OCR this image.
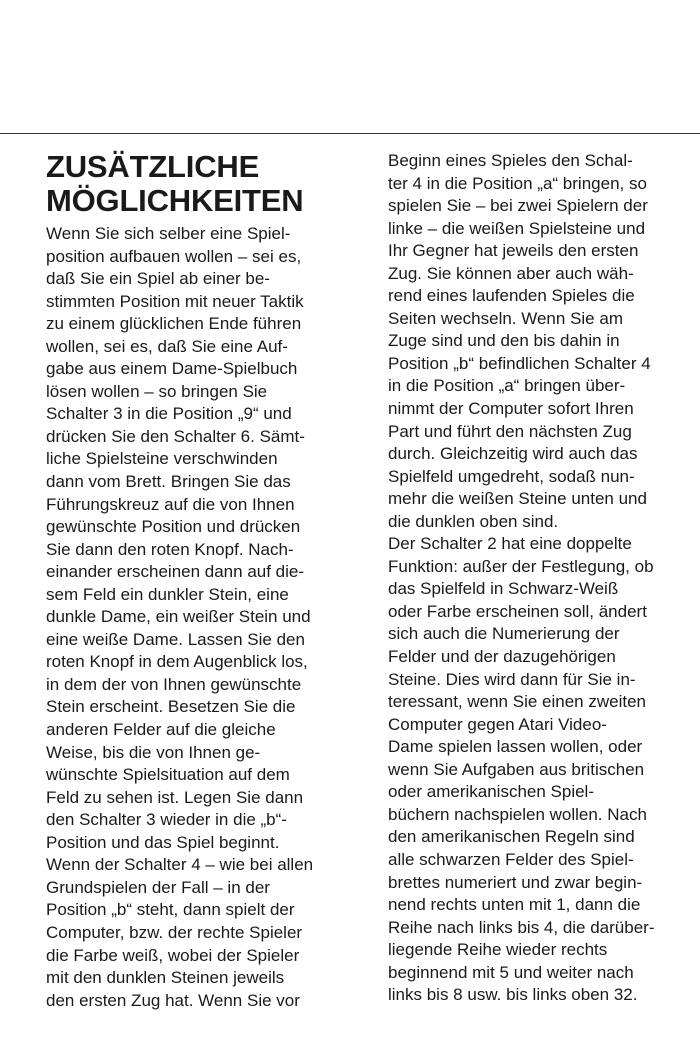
ZUSÄTZLICHE
MÖGLICHKEITEN
Wenn Sie sich selber eine Spiel-
position aufbauen wollen – sei es,
daß Sie ein Spiel ab einer be-
stimmten Position mit neuer Taktik
zu einem glücklichen Ende führen
wollen, sei es, daß Sie eine Auf-
gabe aus einem Dame-Spielbuch
lösen wollen – so bringen Sie
Schalter 3 in die Position „9“ und
drücken Sie den Schalter 6. Sämt-
liche Spielsteine verschwinden
dann vom Brett. Bringen Sie das
Führungskreuz auf die von Ihnen
gewünschte Position und drücken
Sie dann den roten Knopf. Nach-
einander erscheinen dann auf die-
sem Feld ein dunkler Stein, eine
dunkle Dame, ein weißer Stein und
eine weiße Dame. Lassen Sie den
roten Knopf in dem Augenblick los,
in dem der von Ihnen gewünschte
Stein erscheint. Besetzen Sie die
anderen Felder auf die gleiche
Weise, bis die von Ihnen ge-
wünschte Spielsituation auf dem
Feld zu sehen ist. Legen Sie dann
den Schalter 3 wieder in die „b“-
Position und das Spiel beginnt.
Wenn der Schalter 4 – wie bei allen
Grundspielen der Fall – in der
Position „b“ steht, dann spielt der
Computer, bzw. der rechte Spieler
die Farbe weiß, wobei der Spieler
mit den dunklen Steinen jeweils
den ersten Zug hat. Wenn Sie vor
Beginn eines Spieles den Schal-
ter 4 in die Position „a“ bringen, so
spielen Sie – bei zwei Spielern der
linke – die weißen Spielsteine und
Ihr Gegner hat jeweils den ersten
Zug. Sie können aber auch wäh-
rend eines laufenden Spieles die
Seiten wechseln. Wenn Sie am
Zuge sind und den bis dahin in
Position „b“ befindlichen Schalter 4
in die Position „a“ bringen über-
nimmt der Computer sofort Ihren
Part und führt den nächsten Zug
durch. Gleichzeitig wird auch das
Spielfeld umgedreht, sodaß nun-
mehr die weißen Steine unten und
die dunklen oben sind.
Der Schalter 2 hat eine doppelte
Funktion: außer der Festlegung, ob
das Spielfeld in Schwarz-Weiß
oder Farbe erscheinen soll, ändert
sich auch die Numerierung der
Felder und der dazugehörigen
Steine. Dies wird dann für Sie in-
teressant, wenn Sie einen zweiten
Computer gegen Atari Video-
Dame spielen lassen wollen, oder
wenn Sie Aufgaben aus britischen
oder amerikanischen Spiel-
büchern nachspielen wollen. Nach
den amerikanischen Regeln sind
alle schwarzen Felder des Spiel-
brettes numeriert und zwar begin-
nend rechts unten mit 1, dann die
Reihe nach links bis 4, die darüber-
liegende Reihe wieder rechts
beginnend mit 5 und weiter nach
links bis 8 usw. bis links oben 32.
